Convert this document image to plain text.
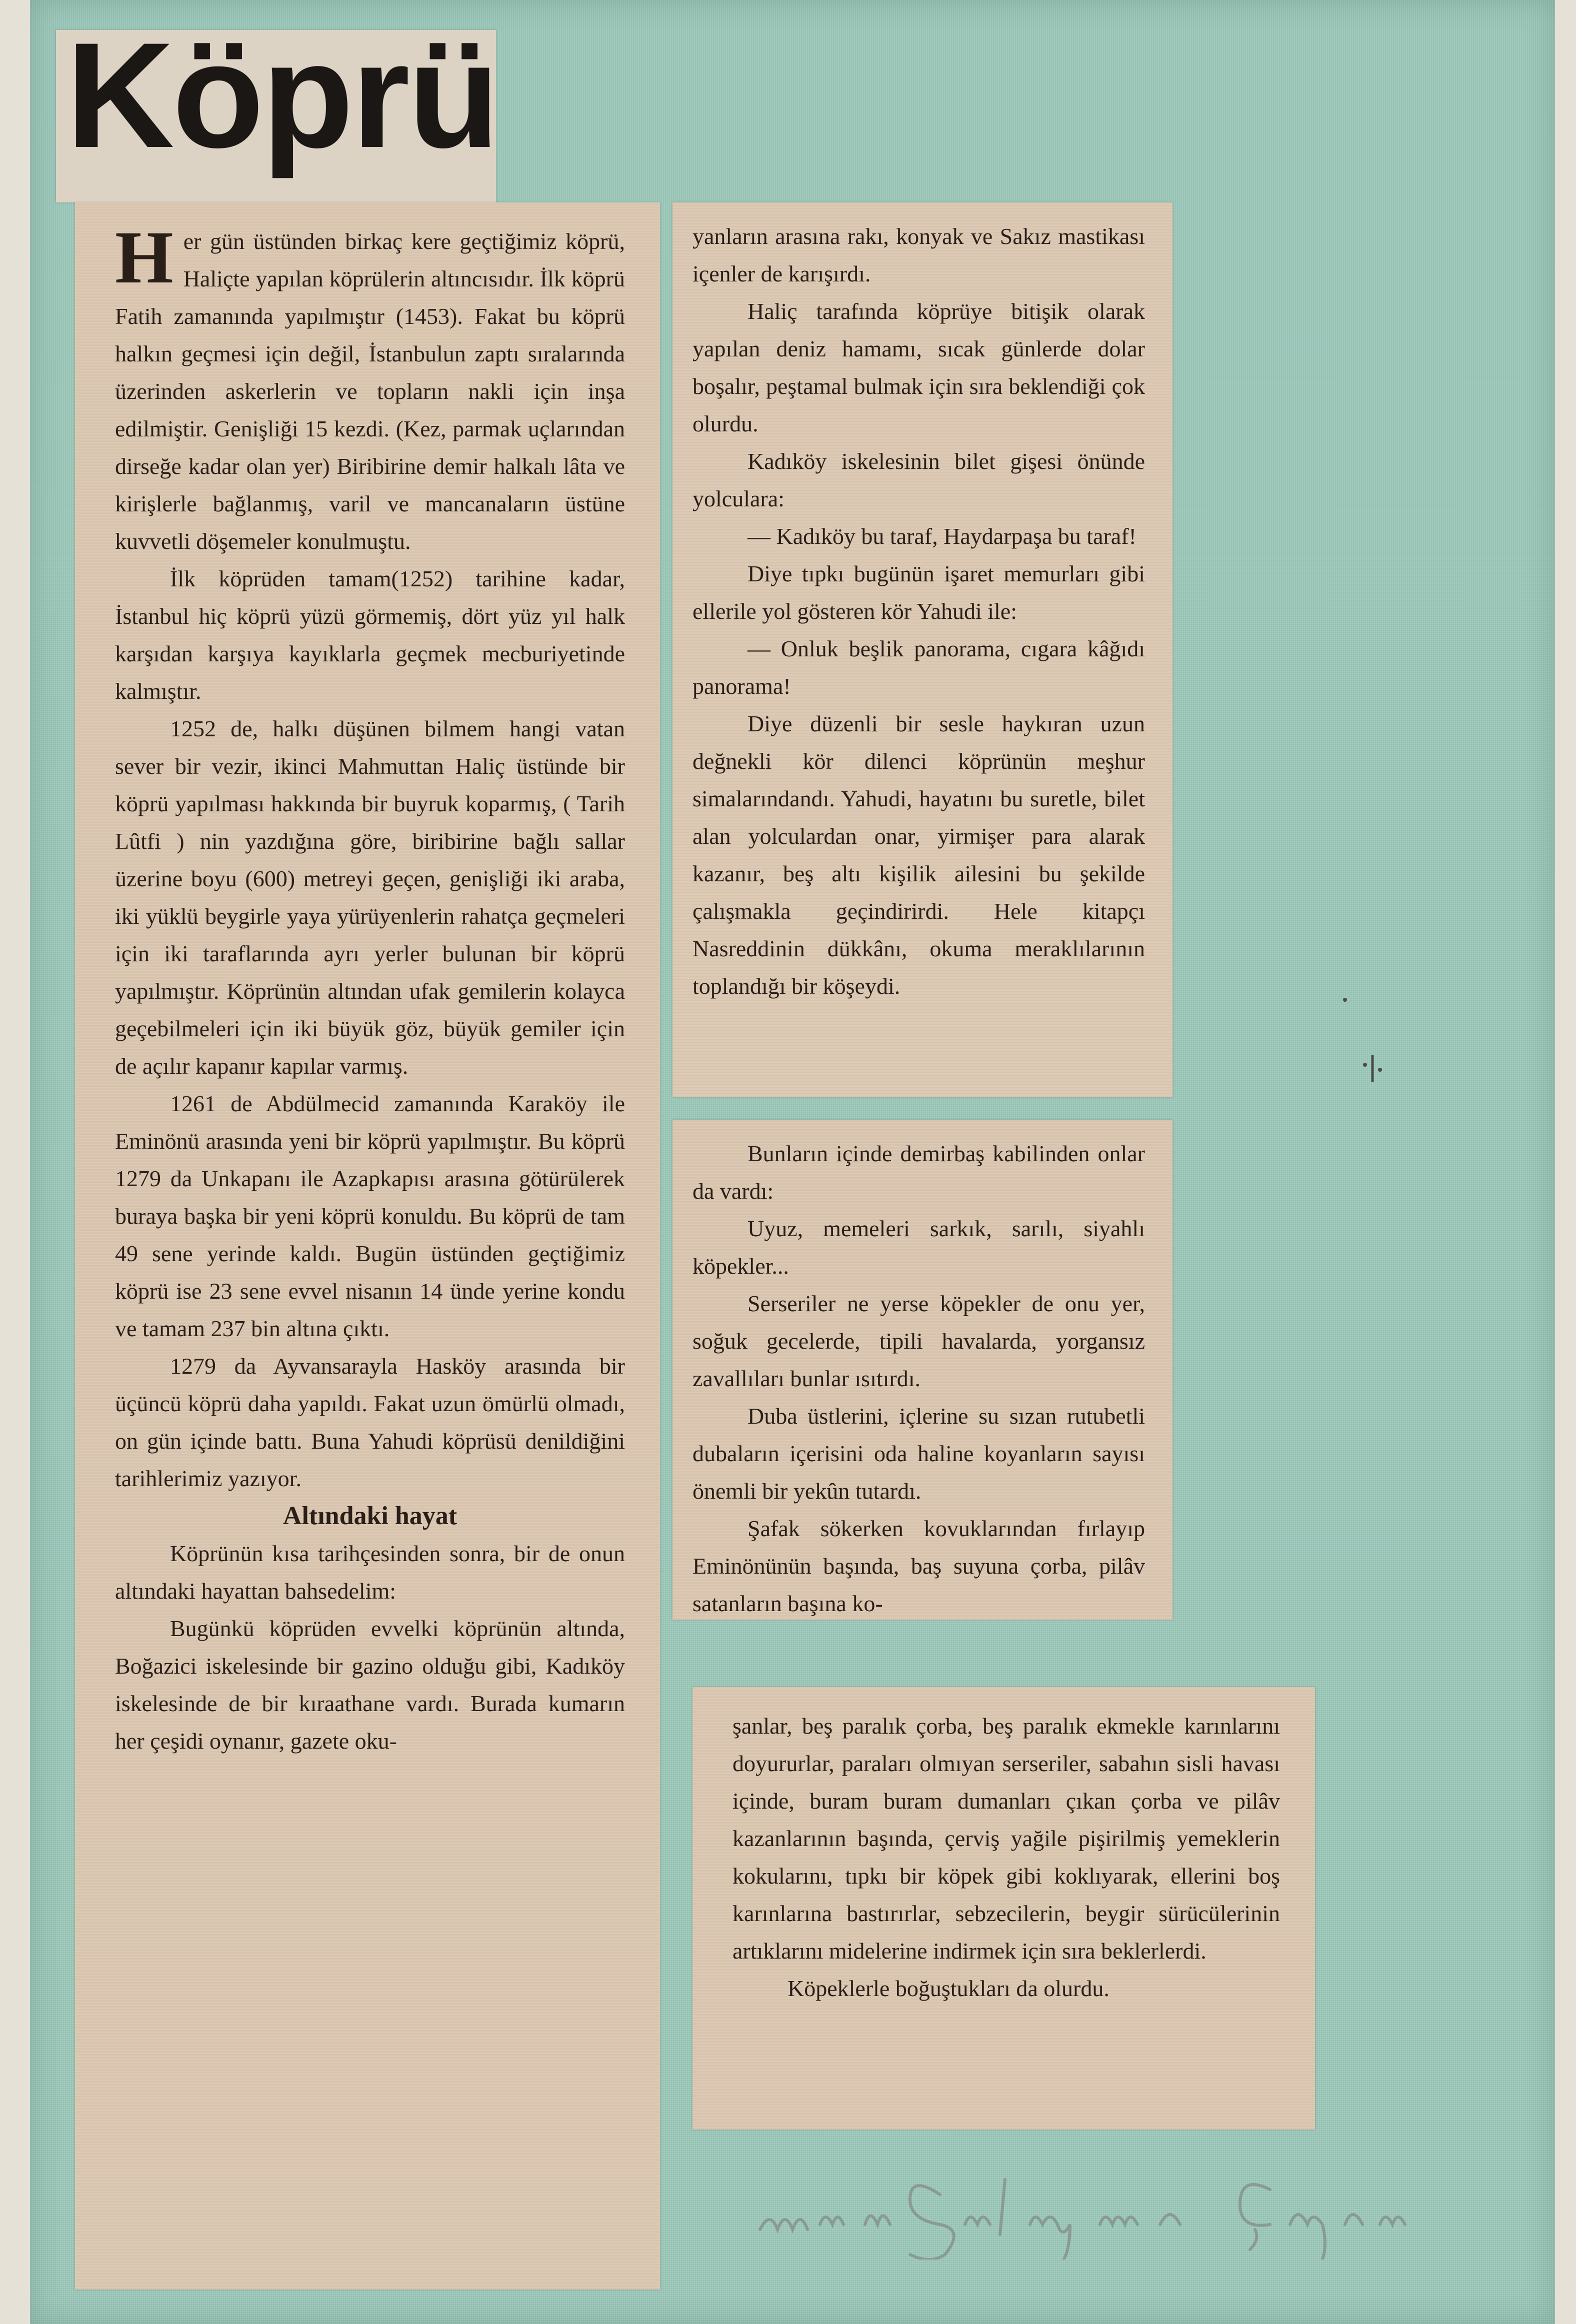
Köprü

Her gün üstünden birkaç kere geçtiğimiz köprü, Haliçte yapılan köprülerin altıncısıdır. İlk köprü Fatih zamanında yapılmıştır (1453). Fakat bu köprü halkın geçmesi için değil, İstanbulun zaptı sıralarında üzerinden askerlerin ve topların nakli için inşa edilmiştir. Genişliği 15 kezdi. (Kez, parmak uçlarından dirseğe kadar olan yer) Biribirine demir halkalı lâta ve kirişlerle bağlanmış, varil ve mancanaların üstüne kuvvetli döşemeler konulmuştu.

İlk köprüden tamam(1252) tarihine kadar, İstanbul hiç köprü yüzü görmemiş, dört yüz yıl halk karşıdan karşıya kayıklarla geçmek mecburiyetinde kalmıştır.

1252 de, halkı düşünen bilmem hangi vatan sever bir vezir, ikinci Mahmuttan Haliç üstünde bir köprü yapılması hakkında bir buyruk koparmış, ( Tarih Lûtfi ) nin yazdığına göre, biribirine bağlı sallar üzerine boyu (600) metreyi geçen, genişliği iki araba, iki yüklü beygirle yaya yürüyenlerin rahatça geçmeleri için iki taraflarında ayrı yerler bulunan bir köprü yapılmıştır. Köprünün altından ufak gemilerin kolayca geçebilmeleri için iki büyük göz, büyük gemiler için de açılır kapanır kapılar varmış.

1261 de Abdülmecid zamanında Karaköy ile Eminönü arasında yeni bir köprü yapılmıştır. Bu köprü 1279 da Unkapanı ile Azapkapısı arasına götürülerek buraya başka bir yeni köprü konuldu. Bu köprü de tam 49 sene yerinde kaldı. Bugün üstünden geçtiğimiz köprü ise 23 sene evvel nisanın 14 ünde yerine kondu ve tamam 237 bin altına çıktı.

1279 da Ayvansarayla Hasköy arasında bir üçüncü köprü daha yapıldı. Fakat uzun ömürlü olmadı, on gün içinde battı. Buna Yahudi köprüsü denildiğini tarihlerimiz yazıyor.

Altındaki hayat

Köprünün kısa tarihçesinden sonra, bir de onun altındaki hayattan bahsedelim:

Bugünkü köprüden evvelki köprünün altında, Boğazici iskelesinde bir gazino olduğu gibi, Kadıköy iskelesinde de bir kıraathane vardı. Burada kumarın her çeşidi oynanır, gazete oku-

yanların arasına rakı, konyak ve Sakız mastikası içenler de karışırdı.

Haliç tarafında köprüye bitişik olarak yapılan deniz hamamı, sıcak günlerde dolar boşalır, peştamal bulmak için sıra beklendiği çok olurdu.

Kadıköy iskelesinin bilet gişesi önünde yolculara:

— Kadıköy bu taraf, Haydarpaşa bu taraf!

Diye tıpkı bugünün işaret memurları gibi ellerile yol gösteren kör Yahudi ile:

— Onluk beşlik panorama, cıgara kâğıdı panorama!

Diye düzenli bir sesle haykıran uzun değnekli kör dilenci köprünün meşhur simalarındandı. Yahudi, hayatını bu suretle, bilet alan yolculardan onar, yirmişer para alarak kazanır, beş altı kişilik ailesini bu şekilde çalışmakla geçindirirdi. Hele kitapçı Nasreddinin dükkânı, okuma meraklılarının toplandığı bir köşeydi.

Bunların içinde demirbaş kabilinden onlar da vardı:

Uyuz, memeleri sarkık, sarılı, siyahlı köpekler...

Serseriler ne yerse köpekler de onu yer, soğuk gecelerde, tipili havalarda, yorgansız zavallıları bunlar ısıtırdı.

Duba üstlerini, içlerine su sızan rutubetli dubaların içerisini oda haline koyanların sayısı önemli bir yekûn tutardı.

Şafak sökerken kovuklarından fırlayıp Eminönünün başında, baş suyuna çorba, pilâv satanların başına ko-

şanlar, beş paralık çorba, beş paralık ekmekle karınlarını doyururlar, paraları olmıyan serseriler, sabahın sisli havası içinde, buram buram dumanları çıkan çorba ve pilâv kazanlarının başında, çerviş yağile pişirilmiş yemeklerin kokularını, tıpkı bir köpek gibi koklıyarak, ellerini boş karınlarına bastırırlar, sebzecilerin, beygir sürücülerinin artıklarını midelerine indirmek için sıra beklerlerdi.

Köpeklerle boğuştukları da olurdu.
